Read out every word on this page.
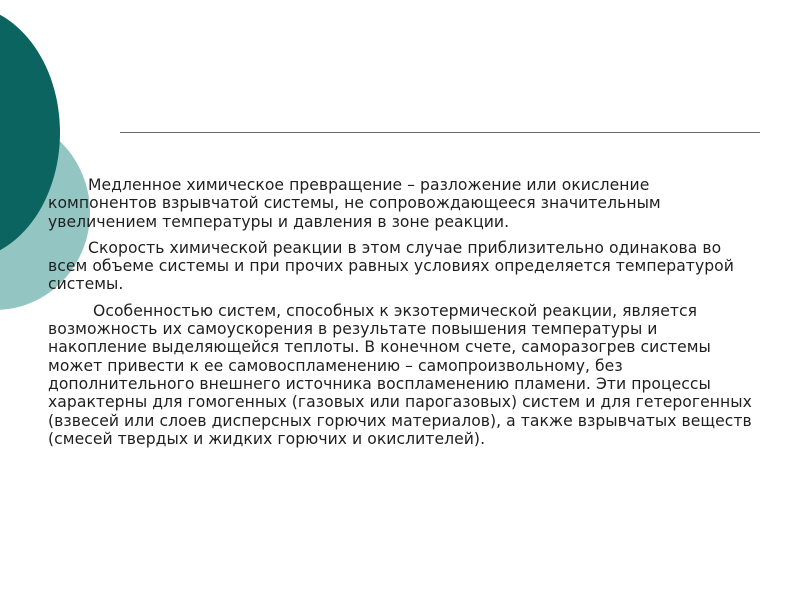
Медленное химическое превращение – разложение или окисление компонентов взрывчатой системы, не сопровождающееся значительным увеличением температуры и давления в зоне реакции.

Скорость химической реакции в этом случае приблизительно одинакова во всем объеме системы и при прочих равных условиях определяется температурой системы.

Особенностью систем, способных к экзотермической реакции, является возможность их самоускорения в результате повышения температуры и накопление выделяющейся теплоты. В конечном счете, саморазогрев системы может привести к ее самовоспламенению – самопроизвольному, без дополнительного внешнего источника воспламенению пламени. Эти процессы характерны для гомогенных (газовых или парогазовых) систем и для гетерогенных (взвесей или слоев дисперсных горючих материалов), а также взрывчатых веществ (смесей твердых и жидких горючих и окислителей).
